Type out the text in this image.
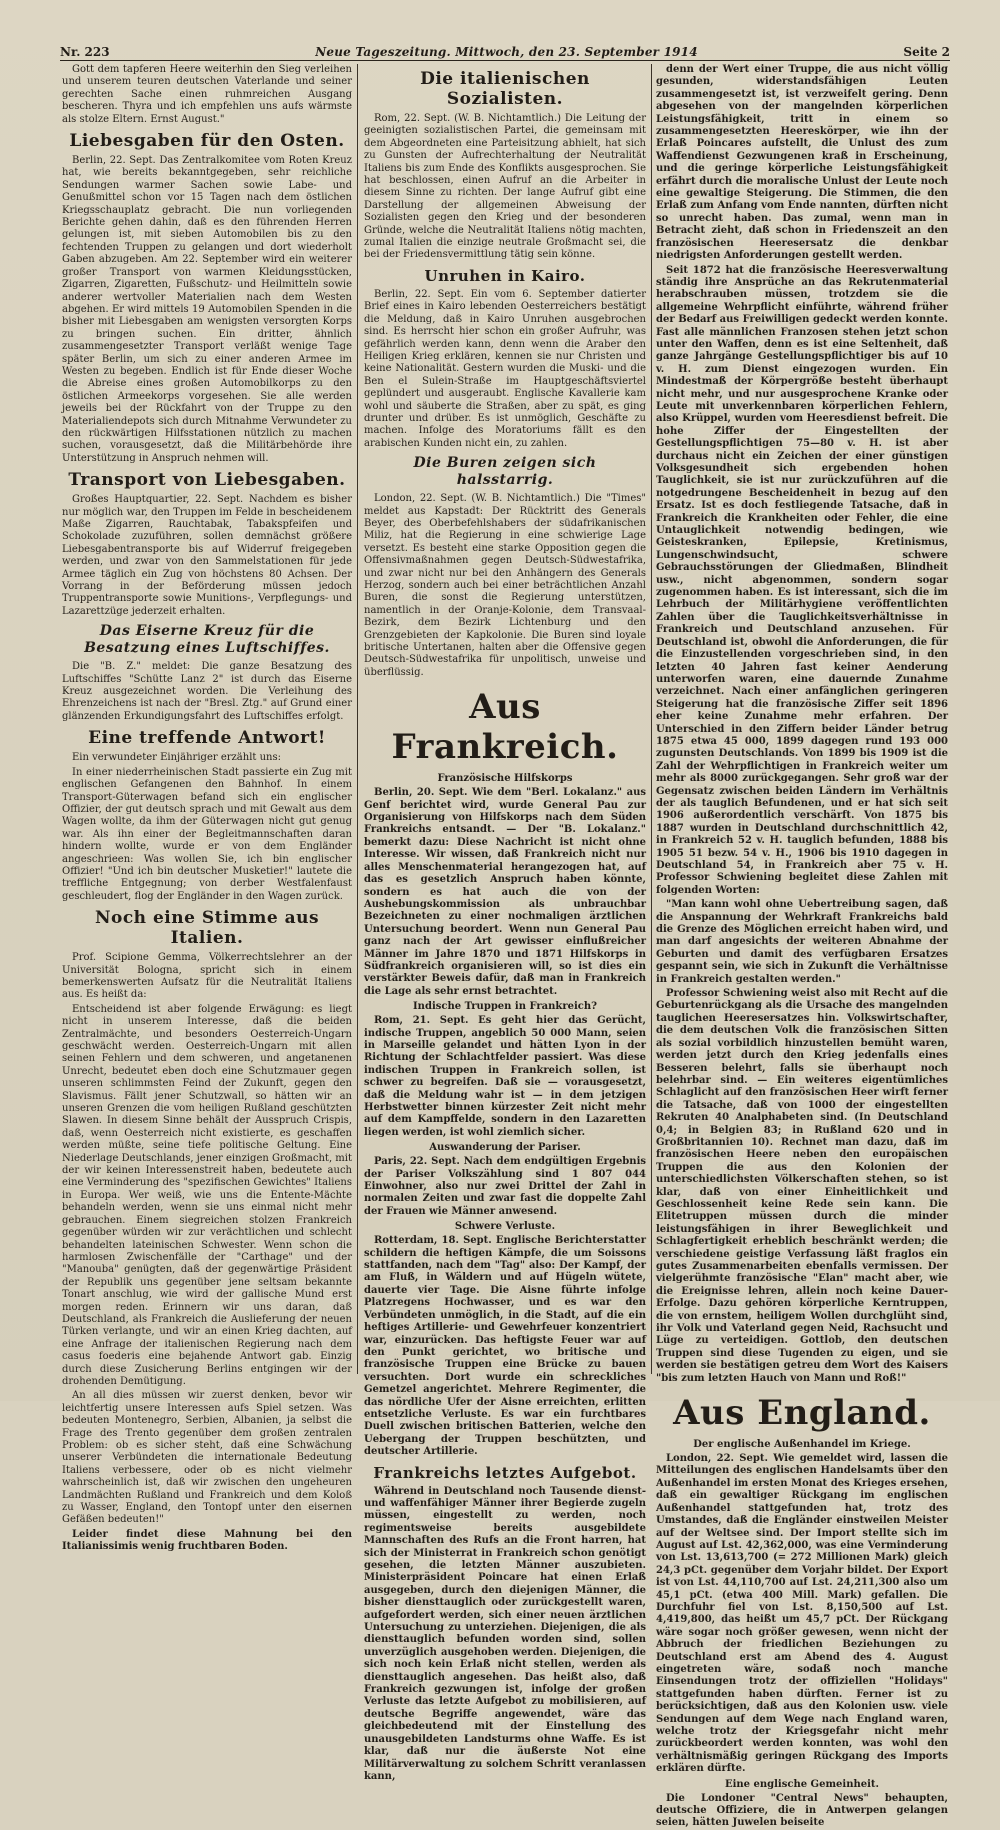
Nr. 223	Neue Tageszeitung. Mittwoch, den 23. September 1914	Seite 2

Gott dem tapferen Heere weiterhin den Sieg verleihen und unserem teuren deutschen Vaterlande und seiner gerechten Sache einen ruhmreichen Ausgang bescheren. Thyra und ich empfehlen uns aufs wärmste als stolze Eltern. Ernst August."

Liebesgaben für den Osten.

Berlin, 22. Sept. Das Zentralkomitee vom Roten Kreuz hat, wie bereits bekanntgegeben, sehr reichliche Sendungen warmer Sachen sowie Labe- und Genußmittel schon vor 15 Tagen nach dem östlichen Kriegsschauplatz gebracht. Die nun vorliegenden Berichte gehen dahin, daß es den führenden Herren gelungen ist, mit sieben Automobilen bis zu den fechtenden Truppen zu gelangen und dort wiederholt Gaben abzugeben. Am 22. September wird ein weiterer großer Transport von warmen Kleidungsstücken, Zigarren, Zigaretten, Fußschutz- und Heilmitteln sowie anderer wertvoller Materialien nach dem Westen abgehen. Er wird mittels 19 Automobilen Spenden in die bisher mit Liebesgaben am wenigsten versorgten Korps zu bringen suchen. Ein dritter, ähnlich zusammengesetzter Transport verläßt wenige Tage später Berlin, um sich zu einer anderen Armee im Westen zu begeben. Endlich ist für Ende dieser Woche die Abreise eines großen Automobilkorps zu den östlichen Armeekorps vorgesehen. Sie alle werden jeweils bei der Rückfahrt von der Truppe zu den Materialiendepots sich durch Mitnahme Verwundeter zu den rückwärtigen Hilfsstationen nützlich zu machen suchen, vorausgesetzt, daß die Militärbehörde ihre Unterstützung in Anspruch nehmen will.

Transport von Liebesgaben.

Großes Hauptquartier, 22. Sept. Nachdem es bisher nur möglich war, den Truppen im Felde in bescheidenem Maße Zigarren, Rauchtabak, Tabakspfeifen und Schokolade zuzuführen, sollen demnächst größere Liebesgabentransporte bis auf Widerruf freigegeben werden, und zwar von den Sammelstationen für jede Armee täglich ein Zug von höchstens 80 Achsen. Der Vorrang in der Beförderung müssen jedoch Truppentransporte sowie Munitions-, Verpflegungs- und Lazarettzüge jederzeit erhalten.

Das Eiserne Kreuz für die Besatzung eines Luftschiffes.

Die "B. Z." meldet: Die ganze Besatzung des Luftschiffes "Schütte Lanz 2" ist durch das Eiserne Kreuz ausgezeichnet worden. Die Verleihung des Ehrenzeichens ist nach der "Bresl. Ztg." auf Grund einer glänzenden Erkundigungsfahrt des Luftschiffes erfolgt.

Eine treffende Antwort!

Ein verwundeter Einjähriger erzählt uns:

In einer niederrheinischen Stadt passierte ein Zug mit englischen Gefangenen den Bahnhof. In einem Transport-Güterwagen befand sich ein englischer Offizier, der gut deutsch sprach und mit Gewalt aus dem Wagen wollte, da ihm der Güterwagen nicht gut genug war. Als ihn einer der Begleitmannschaften daran hindern wollte, wurde er von dem Engländer angeschrieen: Was wollen Sie, ich bin englischer Offizier! "Und ich bin deutscher Musketier!" lautete die treffliche Entgegnung; von derber Westfalenfaust geschleudert, flog der Engländer in den Wagen zurück.

Noch eine Stimme aus Italien.

Prof. Scipione Gemma, Völkerrechtslehrer an der Universität Bologna, spricht sich in einem bemerkenswerten Aufsatz für die Neutralität Italiens aus. Es heißt da:

Entscheidend ist aber folgende Erwägung: es liegt nicht in unserem Interesse, daß die beiden Zentralmächte, und besonders Oesterreich-Ungarn geschwächt werden. Oesterreich-Ungarn mit allen seinen Fehlern und dem schweren, und angetanenen Unrecht, bedeutet eben doch eine Schutzmauer gegen unseren schlimmsten Feind der Zukunft, gegen den Slavismus. Fällt jener Schutzwall, so hätten wir an unseren Grenzen die vom heiligen Rußland geschützten Slawen. In diesem Sinne behält der Ausspruch Crispis, daß, wenn Oesterreich nicht existierte, es geschaffen werden müßte, seine tiefe politische Geltung. Eine Niederlage Deutschlands, jener einzigen Großmacht, mit der wir keinen Interessenstreit haben, bedeutete auch eine Verminderung des "spezifischen Gewichtes" Italiens in Europa. Wer weiß, wie uns die Entente-Mächte behandeln werden, wenn sie uns einmal nicht mehr gebrauchen. Einem siegreichen stolzen Frankreich gegenüber würden wir zur verächtlichen und schlecht behandelten lateinischen Schwester. Wenn schon die harmlosen Zwischenfälle der "Carthage" und der "Manouba" genügten, daß der gegenwärtige Präsident der Republik uns gegenüber jene seltsam bekannte Tonart anschlug, wie wird der gallische Mund erst morgen reden. Erinnern wir uns daran, daß Deutschland, als Frankreich die Auslieferung der neuen Türken verlangte, und wir an einen Krieg dachten, auf eine Anfrage der italienischen Regierung nach dem casus foederis eine bejahende Antwort gab. Einzig durch diese Zusicherung Berlins entgingen wir der drohenden Demütigung.

An all dies müssen wir zuerst denken, bevor wir leichtfertig unsere Interessen aufs Spiel setzen. Was bedeuten Montenegro, Serbien, Albanien, ja selbst die Frage des Trento gegenüber dem großen zentralen Problem: ob es sicher steht, daß eine Schwächung unserer Verbündeten die internationale Bedeutung Italiens verbessere, oder ob es nicht vielmehr wahrscheinlich ist, daß wir zwischen den ungeheuren Landmächten Rußland und Frankreich und dem Koloß zu Wasser, England, den Tontopf unter den eisernen Gefäßen bedeuten!"

Leider findet diese Mahnung bei den Italianissimis wenig fruchtbaren Boden.

Die italienischen Sozialisten.

Rom, 22. Sept. (W. B. Nichtamtlich.) Die Leitung der geeinigten sozialistischen Partei, die gemeinsam mit dem Abgeordneten eine Parteisitzung abhielt, hat sich zu Gunsten der Aufrechterhaltung der Neutralität Italiens bis zum Ende des Konflikts ausgesprochen. Sie hat beschlossen, einen Aufruf an die Arbeiter in diesem Sinne zu richten. Der lange Aufruf gibt eine Darstellung der allgemeinen Abweisung der Sozialisten gegen den Krieg und der besonderen Gründe, welche die Neutralität Italiens nötig machten, zumal Italien die einzige neutrale Großmacht sei, die bei der Friedensvermittlung tätig sein könne.

Unruhen in Kairo.

Berlin, 22. Sept. Ein vom 6. September datierter Brief eines in Kairo lebenden Oesterreichers bestätigt die Meldung, daß in Kairo Unruhen ausgebrochen sind. Es herrscht hier schon ein großer Aufruhr, was gefährlich werden kann, denn wenn die Araber den Heiligen Krieg erklären, kennen sie nur Christen und keine Nationalität. Gestern wurden die Muski- und die Ben el Sulein-Straße im Hauptgeschäftsviertel geplündert und ausgeraubt. Englische Kavallerie kam wohl und säuberte die Straßen, aber zu spät, es ging drunter und drüber. Es ist unmöglich, Geschäfte zu machen. Infolge des Moratoriums fällt es den arabischen Kunden nicht ein, zu zahlen.

Die Buren zeigen sich halsstarrig.

London, 22. Sept. (W. B. Nichtamtlich.) Die "Times" meldet aus Kapstadt: Der Rücktritt des Generals Beyer, des Oberbefehlshabers der südafrikanischen Miliz, hat die Regierung in eine schwierige Lage versetzt. Es besteht eine starke Opposition gegen die Offensivmaßnahmen gegen Deutsch-Südwestafrika, und zwar nicht nur bei den Anhängern des Generals Herzog, sondern auch bei einer beträchtlichen Anzahl Buren, die sonst die Regierung unterstützen, namentlich in der Oranje-Kolonie, dem Transvaal-Bezirk, dem Bezirk Lichtenburg und den Grenzgebieten der Kapkolonie. Die Buren sind loyale britische Untertanen, halten aber die Offensive gegen Deutsch-Südwestafrika für unpolitisch, unweise und überflüssig.

Aus Frankreich.
Französische Hilfskorps

Berlin, 20. Sept. Wie dem "Berl. Lokalanz." aus Genf berichtet wird, wurde General Pau zur Organisierung von Hilfskorps nach dem Süden Frankreichs entsandt. — Der "B. Lokalanz." bemerkt dazu: Diese Nachricht ist nicht ohne Interesse. Wir wissen, daß Frankreich nicht nur alles Menschenmaterial herangezogen hat, auf das es gesetzlich Anspruch haben könnte, sondern es hat auch die von der Aushebungskommission als unbrauchbar Bezeichneten zu einer nochmaligen ärztlichen Untersuchung beordert. Wenn nun General Pau ganz nach der Art gewisser einflußreicher Männer im Jahre 1870 und 1871 Hilfskorps in Südfrankreich organisieren will, so ist dies ein verstärkter Beweis dafür, daß man in Frankreich die Lage als sehr ernst betrachtet.

Indische Truppen in Frankreich?

Rom, 21. Sept. Es geht hier das Gerücht, indische Truppen, angeblich 50 000 Mann, seien in Marseille gelandet und hätten Lyon in der Richtung der Schlachtfelder passiert. Was diese indischen Truppen in Frankreich sollen, ist schwer zu begreifen. Daß sie — vorausgesetzt, daß die Meldung wahr ist — in dem jetzigen Herbstwetter binnen kürzester Zeit nicht mehr auf dem Kampffelde, sondern in den Lazaretten liegen werden, ist wohl ziemlich sicher.

Auswanderung der Pariser.

Paris, 22. Sept. Nach dem endgültigen Ergebnis der Pariser Volkszählung sind 1 807 044 Einwohner, also nur zwei Drittel der Zahl in normalen Zeiten und zwar fast die doppelte Zahl der Frauen wie Männer anwesend.

Schwere Verluste.

Rotterdam, 18. Sept. Englische Berichterstatter schildern die heftigen Kämpfe, die um Soissons stattfanden, nach dem "Tag" also: Der Kampf, der am Fluß, in Wäldern und auf Hügeln wütete, dauerte vier Tage. Die Aisne führte infolge Platzregens Hochwasser, und es war den Verbündeten unmöglich, in die Stadt, auf die ein heftiges Artillerie- und Gewehrfeuer konzentriert war, einzurücken. Das heftigste Feuer war auf den Punkt gerichtet, wo britische und französische Truppen eine Brücke zu bauen versuchten. Dort wurde ein schreckliches Gemetzel angerichtet. Mehrere Regimenter, die das nördliche Ufer der Aisne erreichten, erlitten entsetzliche Verluste. Es war ein furchtbares Duell zwischen britischen Batterien, welche den Uebergang der Truppen beschützten, und deutscher Artillerie.

Frankreichs letztes Aufgebot.

Während in Deutschland noch Tausende dienst- und waffenfähiger Männer ihrer Begierde zugeln müssen, eingestellt zu werden, noch regimentsweise bereits ausgebildete Mannschaften des Rufs an die Front harren, hat sich der Ministerrat in Frankreich schon genötigt gesehen, die letzten Männer auszubieten. Ministerpräsident Poincare hat einen Erlaß ausgegeben, durch den diejenigen Männer, die bisher diensttauglich oder zurückgestellt waren, aufgefordert werden, sich einer neuen ärztlichen Untersuchung zu unterziehen. Diejenigen, die als diensttauglich befunden worden sind, sollen unverzüglich ausgehoben werden. Diejenigen, die sich noch kein Erlaß nicht stellen, werden als diensttauglich angesehen. Das heißt also, daß Frankreich gezwungen ist, infolge der großen Verluste das letzte Aufgebot zu mobilisieren, auf deutsche Begriffe angewendet, wäre das gleichbedeutend mit der Einstellung des unausgebildeten Landsturms ohne Waffe. Es ist klar, daß nur die äußerste Not eine Militärverwaltung zu solchem Schritt veranlassen kann,

denn der Wert einer Truppe, die aus nicht völlig gesunden, widerstandsfähigen Leuten zusammengesetzt ist, ist verzweifelt gering. Denn abgesehen von der mangelnden körperlichen Leistungsfähigkeit, tritt in einem so zusammengesetzten Heereskörper, wie ihn der Erlaß Poincares aufstellt, die Unlust des zum Waffendienst Gezwungenen kraß in Erscheinung, und die geringe körperliche Leistungsfähigkeit erfährt durch die moralische Unlust der Leute noch eine gewaltige Steigerung. Die Stimmen, die den Erlaß zum Anfang vom Ende nannten, dürften nicht so unrecht haben. Das zumal, wenn man in Betracht zieht, daß schon in Friedenszeit an den französischen Heeresersatz die denkbar niedrigsten Anforderungen gestellt werden.

Seit 1872 hat die französische Heeresverwaltung ständig ihre Ansprüche an das Rekrutenmaterial herabschrauben müssen, trotzdem sie die allgemeine Wehrpflicht einführte, während früher der Bedarf aus Freiwilligen gedeckt werden konnte. Fast alle männlichen Franzosen stehen jetzt schon unter den Waffen, denn es ist eine Seltenheit, daß ganze Jahrgänge Gestellungspflichtiger bis auf 10 v. H. zum Dienst eingezogen wurden. Ein Mindestmaß der Körpergröße besteht überhaupt nicht mehr, und nur ausgesprochene Kranke oder Leute mit unverkennbaren körperlichen Fehlern, also Krüppel, wurden vom Heeresdienst befreit. Die hohe Ziffer der Eingestellten der Gestellungspflichtigen 75—80 v. H. ist aber durchaus nicht ein Zeichen der einer günstigen Volksgesundheit sich ergebenden hohen Tauglichkeit, sie ist nur zurückzuführen auf die notgedrungene Bescheidenheit in bezug auf den Ersatz. Ist es doch festliegende Tatsache, daß in Frankreich die Krankheiten oder Fehler, die eine Untauglichkeit notwendig bedingen, wie Geisteskranken, Epilepsie, Kretinismus, Lungenschwindsucht, schwere Gebrauchsstörungen der Gliedmaßen, Blindheit usw., nicht abgenommen, sondern sogar zugenommen haben. Es ist interessant, sich die im Lehrbuch der Militärhygiene veröffentlichten Zahlen über die Tauglichkeitsverhältnisse in Frankreich und Deutschland anzusehen. Für Deutschland ist, obwohl die Anforderungen, die für die Einzustellenden vorgeschrieben sind, in den letzten 40 Jahren fast keiner Aenderung unterworfen waren, eine dauernde Zunahme verzeichnet. Nach einer anfänglichen geringeren Steigerung hat die französische Ziffer seit 1896 eher keine Zunahme mehr erfahren. Der Unterschied in den Ziffern beider Länder betrug 1875 etwa 45 000, 1899 dagegen rund 193 000 zugunsten Deutschlands. Von 1899 bis 1909 ist die Zahl der Wehrpflichtigen in Frankreich weiter um mehr als 8000 zurückgegangen. Sehr groß war der Gegensatz zwischen beiden Ländern im Verhältnis der als tauglich Befundenen, und er hat sich seit 1906 außerordentlich verschärft. Von 1875 bis 1887 wurden in Deutschland durchschnittlich 42, in Frankreich 52 v. H. tauglich befunden, 1888 bis 1905 51 bezw. 54 v. H., 1906 bis 1910 dagegen in Deutschland 54, in Frankreich aber 75 v. H. Professor Schwiening begleitet diese Zahlen mit folgenden Worten:

"Man kann wohl ohne Uebertreibung sagen, daß die Anspannung der Wehrkraft Frankreichs bald die Grenze des Möglichen erreicht haben wird, und man darf angesichts der weiteren Abnahme der Geburten und damit des verfügbaren Ersatzes gespannt sein, wie sich in Zukunft die Verhältnisse in Frankreich gestalten werden."

Professor Schwiening weist also mit Recht auf die Geburtenrückgang als die Ursache des mangelnden tauglichen Heeresersatzes hin. Volkswirtschafter, die dem deutschen Volk die französischen Sitten als sozial vorbildlich hinzustellen bemüht waren, werden jetzt durch den Krieg jedenfalls eines Besseren belehrt, falls sie überhaupt noch belehrbar sind. — Ein weiteres eigentümliches Schlaglicht auf den französischen Heer wirft ferner die Tatsache, daß von 1000 der eingestellten Rekruten 40 Analphabeten sind. (In Deutschland 0,4; in Belgien 83; in Rußland 620 und in Großbritannien 10). Rechnet man dazu, daß im französischen Heere neben den europäischen Truppen die aus den Kolonien der unterschiedlichsten Völkerschaften stehen, so ist klar, daß von einer Einheitlichkeit und Geschlossenheit keine Rede sein kann. Die Elitetruppen müssen durch die minder leistungsfähigen in ihrer Beweglichkeit und Schlagfertigkeit erheblich beschränkt werden; die verschiedene geistige Verfassung läßt fraglos ein gutes Zusammenarbeiten ebenfalls vermissen. Der vielgerühmte französische "Elan" macht aber, wie die Ereignisse lehren, allein noch keine Dauer-Erfolge. Dazu gehören körperliche Kerntruppen, die von ernstem, heiligem Wollen durchglüht sind, ihr Volk und Vaterland gegen Neid, Rachsucht und Lüge zu verteidigen. Gottlob, den deutschen Truppen sind diese Tugenden zu eigen, und sie werden sie bestätigen getreu dem Wort des Kaisers "bis zum letzten Hauch von Mann und Roß!"

Aus England.
Der englische Außenhandel im Kriege.

London, 22. Sept. Wie gemeldet wird, lassen die Mitteilungen des englischen Handelsamts über den Außenhandel im ersten Monat des Krieges ersehen, daß ein gewaltiger Rückgang im englischen Außenhandel stattgefunden hat, trotz des Umstandes, daß die Engländer einstweilen Meister auf der Weltsee sind. Der Import stellte sich im August auf Lst. 42,362,000, was eine Verminderung von Lst. 13,613,700 (= 272 Millionen Mark) gleich 24,3 pCt. gegenüber dem Vorjahr bildet. Der Export ist von Lst. 44,110,700 auf Lst. 24,211,300 also um 45,1 pCt. (etwa 400 Mill. Mark) gefallen. Die Durchfuhr fiel von Lst. 8,150,500 auf Lst. 4,419,800, das heißt um 45,7 pCt. Der Rückgang wäre sogar noch größer gewesen, wenn nicht der Abbruch der friedlichen Beziehungen zu Deutschland erst am Abend des 4. August eingetreten wäre, sodaß noch manche Einsendungen trotz der offiziellen "Holidays" stattgefunden haben dürften. Ferner ist zu berücksichtigen, daß aus den Kolonien usw. viele Sendungen auf dem Wege nach England waren, welche trotz der Kriegsgefahr nicht mehr zurückbeordert werden konnten, was wohl den verhältnismäßig geringen Rückgang des Imports erklären dürfte.

Eine englische Gemeinheit.

Die Londoner "Central News" behaupten, deutsche Offiziere, die in Antwerpen gelangen seien, hätten Juwelen beiseite
